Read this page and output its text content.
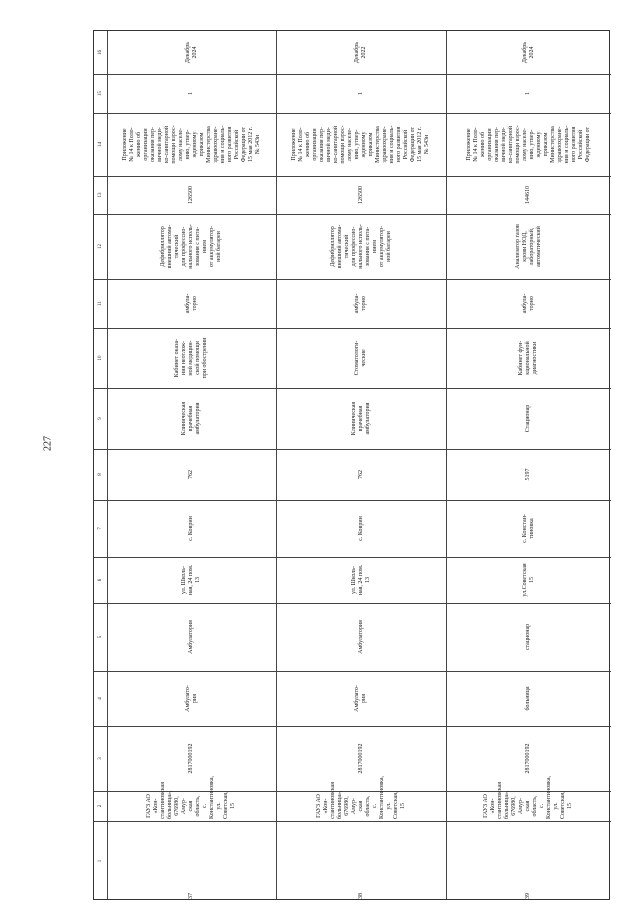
227
16
15
14
13
12
11
10
9
8
7
6
5
4
3
2
1
Декабрь
2024
1
Приложение
№ 14 к Поло-
жению об
организации
оказания пер-
вичной меди-
ко-санитарной
помощи взрос-
лому населе-
нию, утвер-
жденному
приказом
Министерства
здравоохране-
ния и социаль-
ного развития
Российской
Федерации от
15 мая 2012 г.
№ 543н
126500
Дефибриллятор
внешний автома-
тический
для профессио-
нального исполь-
зования с пита-
нием
от аккумулятор-
ной батареи
амбула-
торно
Кабинет оказа-
ния неотлож-
ной медицин-
ской помощи
при обострении
Клиническая
врачебная
амбулатория
762
с. Коврин
ул. Школь-
ная, 24 пом.
13
Амбулатория
Амбулато-
рия
2817000192
ГАУЗ АО «Кон-
стантиновская
больница»,
676980, Амур-
ская область, с.
Константиновка,
ул. Советская, 15
37
Декабрь
2022
1
Приложение
№ 14 к Поло-
жению об
организации
оказания пер-
вичной меди-
ко-санитарной
помощи взрос-
лому населе-
нию, утвер-
жденному
приказом
Министерства
здравоохране-
ния и социаль-
ного развития
Российской
Федерации от
15 мая 2012 г.
№ 543н
126500
Дефибриллятор
внешний автома-
тический
для профессио-
нального исполь-
зования с пита-
нием
от аккумулятор-
ной батареи
амбула-
торно
Стоматологи-
ческие
Клиническая
врачебная
амбулатория
762
с. Коврин
ул. Школь-
ная, 24 пом.
13
Амбулатория
Амбулато-
рия
2817000192
ГАУЗ АО «Кон-
стантиновская
больница»,
676980, Амур-
ская область, с.
Константиновка,
ул. Советская, 15
38
Декабрь
2024
1
Приложение
№ 14 к Поло-
жению об
организации
оказания пер-
вичной меди-
ко-санитарной
помощи взрос-
лому населе-
нию, утвер-
жденному
приказом
Министерства
здравоохране-
ния и социаль-
ного развития
Российской
Федерации от
144610
Анализатор газов
крови НОД,
лабораторный,
автоматический
амбула-
торно
Кабинет фун-
кциональной
диагностики
Стационар
5197
с. Констан-
тиновка
ул.Советская
15
стационар
больница
2817000192
ГАУЗ АО «Кон-
стантиновская
больница»,
676980, Амур-
ская область, с.
Константиновка,
ул. Советская, 15
39
